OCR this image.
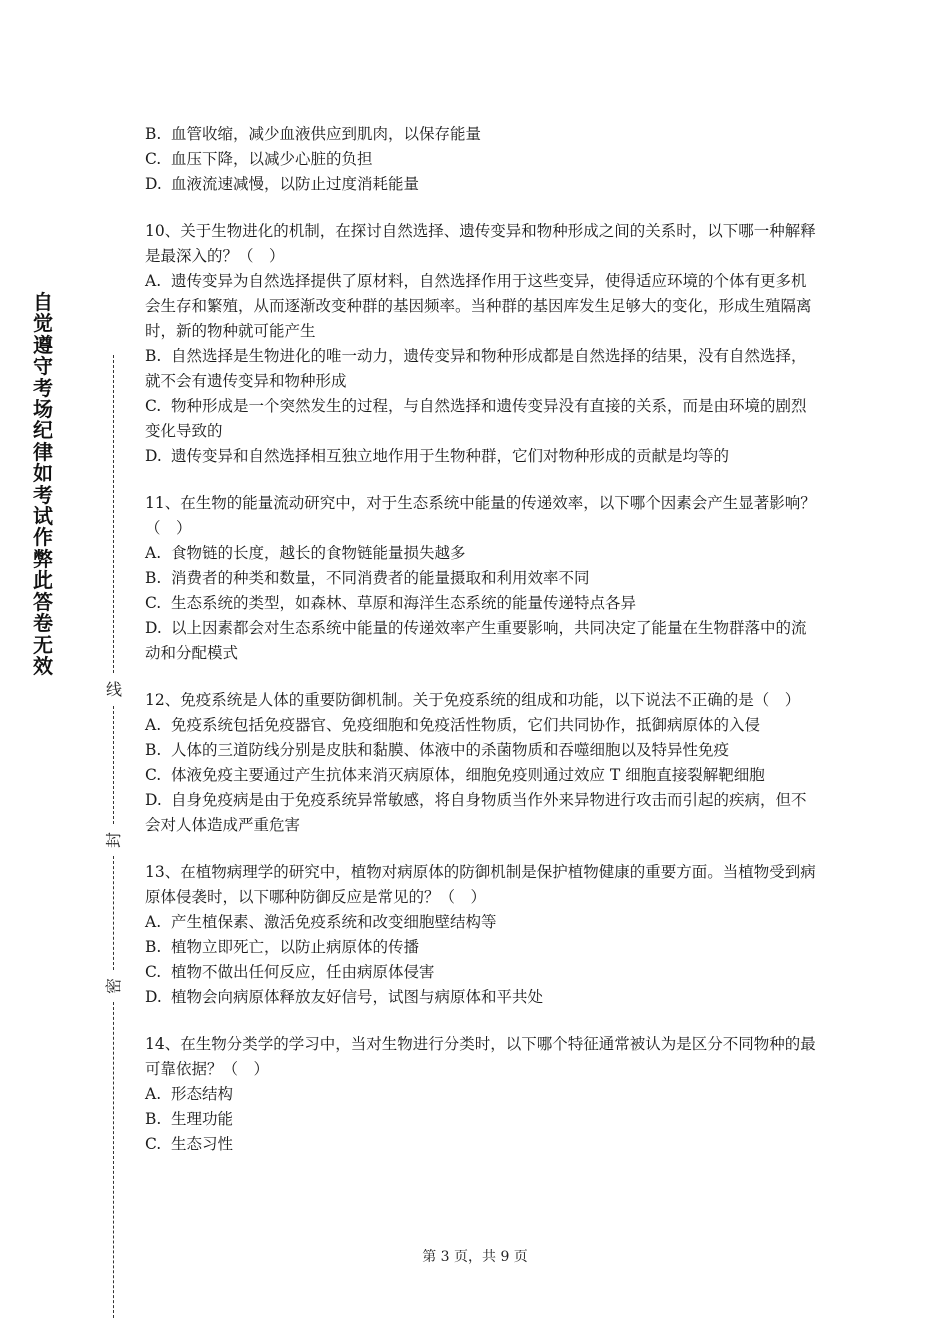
自
觉
遵
守
考
场
纪
律
如
考
试
作
弊
此
答
卷
无
效
线
封
密

B. 血管收缩，减少血液供应到肌肉，以保存能量

C. 血压下降，以减少心脏的负担

D. 血液流速减慢，以防止过度消耗能量

10、关于生物进化的机制，在探讨自然选择、遗传变异和物种形成之间的关系时，以下哪一种解释是最深入的？（　）

A. 遗传变异为自然选择提供了原材料，自然选择作用于这些变异，使得适应环境的个体有更多机会生存和繁殖，从而逐渐改变种群的基因频率。当种群的基因库发生足够大的变化，形成生殖隔离时，新的物种就可能产生

B. 自然选择是生物进化的唯一动力，遗传变异和物种形成都是自然选择的结果，没有自然选择，就不会有遗传变异和物种形成

C. 物种形成是一个突然发生的过程，与自然选择和遗传变异没有直接的关系，而是由环境的剧烈变化导致的

D. 遗传变异和自然选择相互独立地作用于生物种群，它们对物种形成的贡献是均等的

11、在生物的能量流动研究中，对于生态系统中能量的传递效率，以下哪个因素会产生显著影响？（　）

A. 食物链的长度，越长的食物链能量损失越多

B. 消费者的种类和数量，不同消费者的能量摄取和利用效率不同

C. 生态系统的类型，如森林、草原和海洋生态系统的能量传递特点各异

D. 以上因素都会对生态系统中能量的传递效率产生重要影响，共同决定了能量在生物群落中的流动和分配模式

12、免疫系统是人体的重要防御机制。关于免疫系统的组成和功能，以下说法不正确的是（　）

A. 免疫系统包括免疫器官、免疫细胞和免疫活性物质，它们共同协作，抵御病原体的入侵

B. 人体的三道防线分别是皮肤和黏膜、体液中的杀菌物质和吞噬细胞以及特异性免疫

C. 体液免疫主要通过产生抗体来消灭病原体，细胞免疫则通过效应 T 细胞直接裂解靶细胞

D. 自身免疫病是由于免疫系统异常敏感，将自身物质当作外来异物进行攻击而引起的疾病，但不会对人体造成严重危害

13、在植物病理学的研究中，植物对病原体的防御机制是保护植物健康的重要方面。当植物受到病原体侵袭时，以下哪种防御反应是常见的？（　）

A. 产生植保素、激活免疫系统和改变细胞壁结构等

B. 植物立即死亡，以防止病原体的传播

C. 植物不做出任何反应，任由病原体侵害

D. 植物会向病原体释放友好信号，试图与病原体和平共处

14、在生物分类学的学习中，当对生物进行分类时，以下哪个特征通常被认为是区分不同物种的最可靠依据？（　）

A. 形态结构

B. 生理功能

C. 生态习性

第 3 页，共 9 页
